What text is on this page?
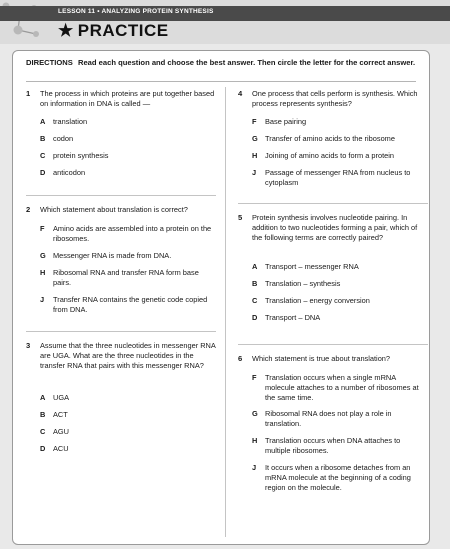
LESSON 11 • ANALYZING PROTEIN SYNTHESIS
★ PRACTICE
DIRECTIONS Read each question and choose the best answer. Then circle the letter for the correct answer.
1 The process in which proteins are put together based on information in DNA is called —
A translation
B codon
C protein synthesis
D anticodon
2 Which statement about translation is correct?
F Amino acids are assembled into a protein on the ribosomes.
G Messenger RNA is made from DNA.
H Ribosomal RNA and transfer RNA form base pairs.
J Transfer RNA contains the genetic code copied from DNA.
3 Assume that the three nucleotides in messenger RNA are UGA. What are the three nucleotides in the transfer RNA that pairs with this messenger RNA?
A UGA
B ACT
C AGU
D ACU
4 One process that cells perform is synthesis. Which process represents synthesis?
F Base pairing
G Transfer of amino acids to the ribosome
H Joining of amino acids to form a protein
J Passage of messenger RNA from nucleus to cytoplasm
5 Protein synthesis involves nucleotide pairing. In addition to two nucleotides forming a pair, which of the following terms are correctly paired?
A Transport – messenger RNA
B Translation – synthesis
C Translation – energy conversion
D Transport – DNA
6 Which statement is true about translation?
F Translation occurs when a single mRNA molecule attaches to a number of ribosomes at the same time.
G Ribosomal RNA does not play a role in translation.
H Translation occurs when DNA attaches to multiple ribosomes.
J It occurs when a ribosome detaches from an mRNA molecule at the beginning of a coding region on the molecule.
